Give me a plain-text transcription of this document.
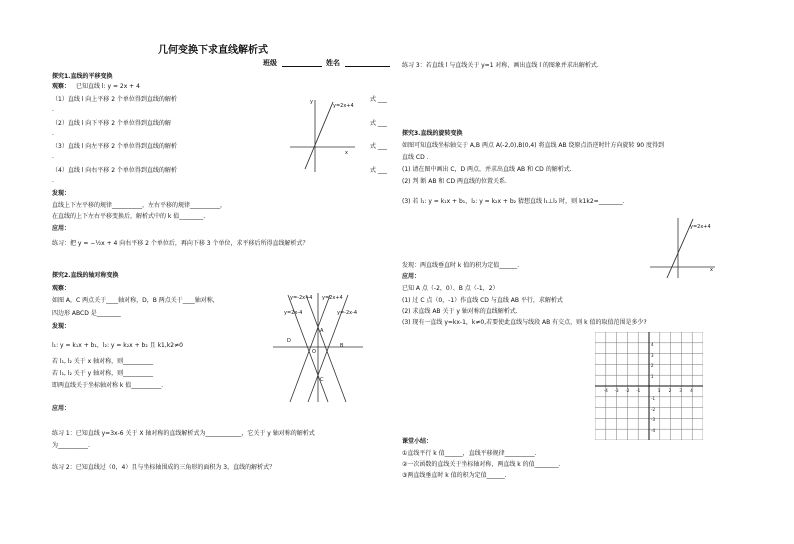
几何变换下求直线解析式
班级	姓名
探究1.直线的平移变换
观察： 已知直线 l: y = 2x + 4
（1）直线 l 向上平移 2 个单位得到直线的解析
.
式 ___
（2）直线 l 向下平移 2 个单位得到直线的解
.
式 ___
（3）直线 l 向左平移 2 个单位得到直线的解析
.
式 ___
（4）直线 l 向右平移 2 个单位得到直线的解析
.
式 ___
y=2x+4
y
x
发现：
直线上下左平移的规律__________，左右平移的规律__________，
在直线的上下左右平移变换后，解析式中的 k 值________.
应用：
练习：把 y = −½x + 4 向右平移 2 个单位后，再向下移 3 个单位，求平移后所得直线解析式？
探究2.直线的轴对称变换
观察：
如图 A，C 两点关于____轴对称，D，B 两点关于____轴对称，
四边形 ABCD 是________
发现：
l₁: y = k₁x + b₁，l₂: y = k₂x + b₂ 且 k1,k2≠0
若 l₁, l₂ 关于 x 轴对称，则__________
若 l₁, l₂ 关于 y 轴对称，则__________
即两直线关于坐标轴对称 k 值__________.
y=-2x+4 y=2x+4
y=2x-4	y=-2x-4
A
B
C
D
O
应用：
练习 1：已知直线 y=3x-6 关于 X 轴对称的直线解析式为____________，它关于 y 轴对称的解析式
为__________.
练习 2：已知直线过（0，4）且与坐标轴围成的三角形的面积为 3，直线的解析式？
练习 3：若直线 l 与直线关于 y=1 对称，画出直线 l 的图象并求出解析式.
探究3.直线的旋转变换
如图可知直线坐标轴交于 A,B 两点 A(-2,0),B(0,4) 将直线 AB 绕原点沿逆时针方向旋转 90 度得到
直线 CD .
(1) 请在图中画出 C，D 两点，并求出直线 AB 和 CD 的解析式.
(2) 判 断 AB 和 CD 两直线的位置关系.
(3) 若 l₁: y = k₁x + b₁，l₂: y = k₂x + b₂ 猜想直线 l₁⊥l₂ 时，则 k1k2=________.
y=2x+4
x
发现：两直线垂直时 k 值的积为定值______.
应用：
已知 A 点（-2，0）、B 点（-1，2）
(1) 过 C 点（0，-1）作直线 CD 与直线 AB 平行，求解析式
(2) 求直线 AB 关于 y 轴对称的直线解析式.
(3) 现有一直线 y=kx-1，k≠0,若要使此直线与线段 AB 有交点，则 k 值的取值范围是多少?
-4 -3 -2 -1	1 2 3 4
4
3
2
1
-1
-2
-3
-4
课堂小结：
①直线平行 k 值______，直线平移规律__________.
②一次函数的直线关于坐标轴对称，两直线 k 的值________.
③两直线垂直时 k 值的积为定值______.
